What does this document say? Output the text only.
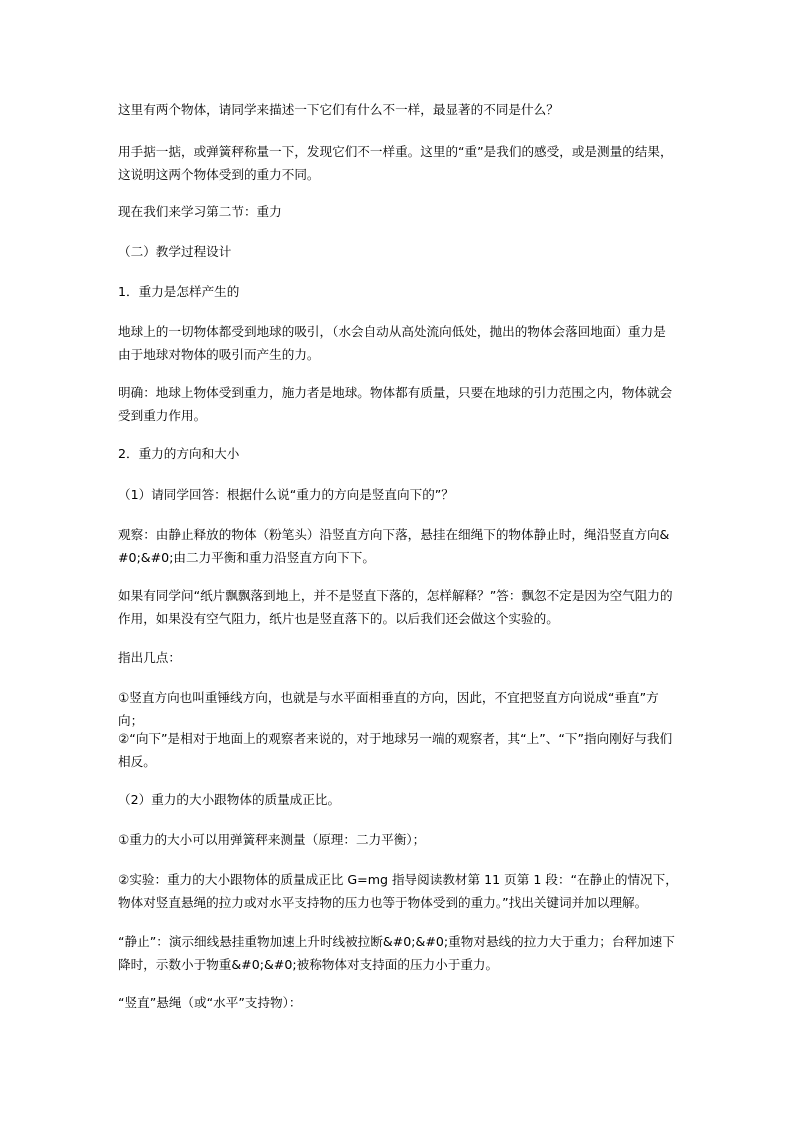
这里有两个物体，请同学来描述一下它们有什么不一样，最显著的不同是什么？

用手掂一掂，或弹簧秤称量一下，发现它们不一样重。这里的“重”是我们的感受，或是测量的结果，这说明这两个物体受到的重力不同。

现在我们来学习第二节：重力

（二）教学过程设计

1．重力是怎样产生的

地球上的一切物体都受到地球的吸引，（水会自动从高处流向低处，抛出的物体会落回地面）重力是由于地球对物体的吸引而产生的力。

明确：地球上物体受到重力，施力者是地球。物体都有质量，只要在地球的引力范围之内，物体就会受到重力作用。

2．重力的方向和大小

（1）请同学回答：根据什么说“重力的方向是竖直向下的”？

观察：由静止释放的物体（粉笔头）沿竖直方向下落，悬挂在细绳下的物体静止时，绳沿竖直方向&#0;&#0;由二力平衡和重力沿竖直方向下下。

如果有同学问“纸片飘飘落到地上，并不是竖直下落的，怎样解释？”答：飘忽不定是因为空气阻力的作用，如果没有空气阻力，纸片也是竖直落下的。以后我们还会做这个实验的。

指出几点：

①竖直方向也叫重锤线方向，也就是与水平面相垂直的方向，因此，不宜把竖直方向说成“垂直”方向；

②“向下”是相对于地面上的观察者来说的，对于地球另一端的观察者，其“上”、“下”指向刚好与我们相反。

（2）重力的大小跟物体的质量成正比。

①重力的大小可以用弹簧秤来测量（原理：二力平衡）；

②实验：重力的大小跟物体的质量成正比 G=mg 指导阅读教材第 11 页第 1 段：“在静止的情况下，物体对竖直悬绳的拉力或对水平支持物的压力也等于物体受到的重力。”找出关键词并加以理解。

“静止”：演示细线悬挂重物加速上升时线被拉断&#0;&#0;重物对悬线的拉力大于重力；台秤加速下降时，示数小于物重&#0;&#0;被称物体对支持面的压力小于重力。

“竖直”悬绳（或“水平”支持物）：
